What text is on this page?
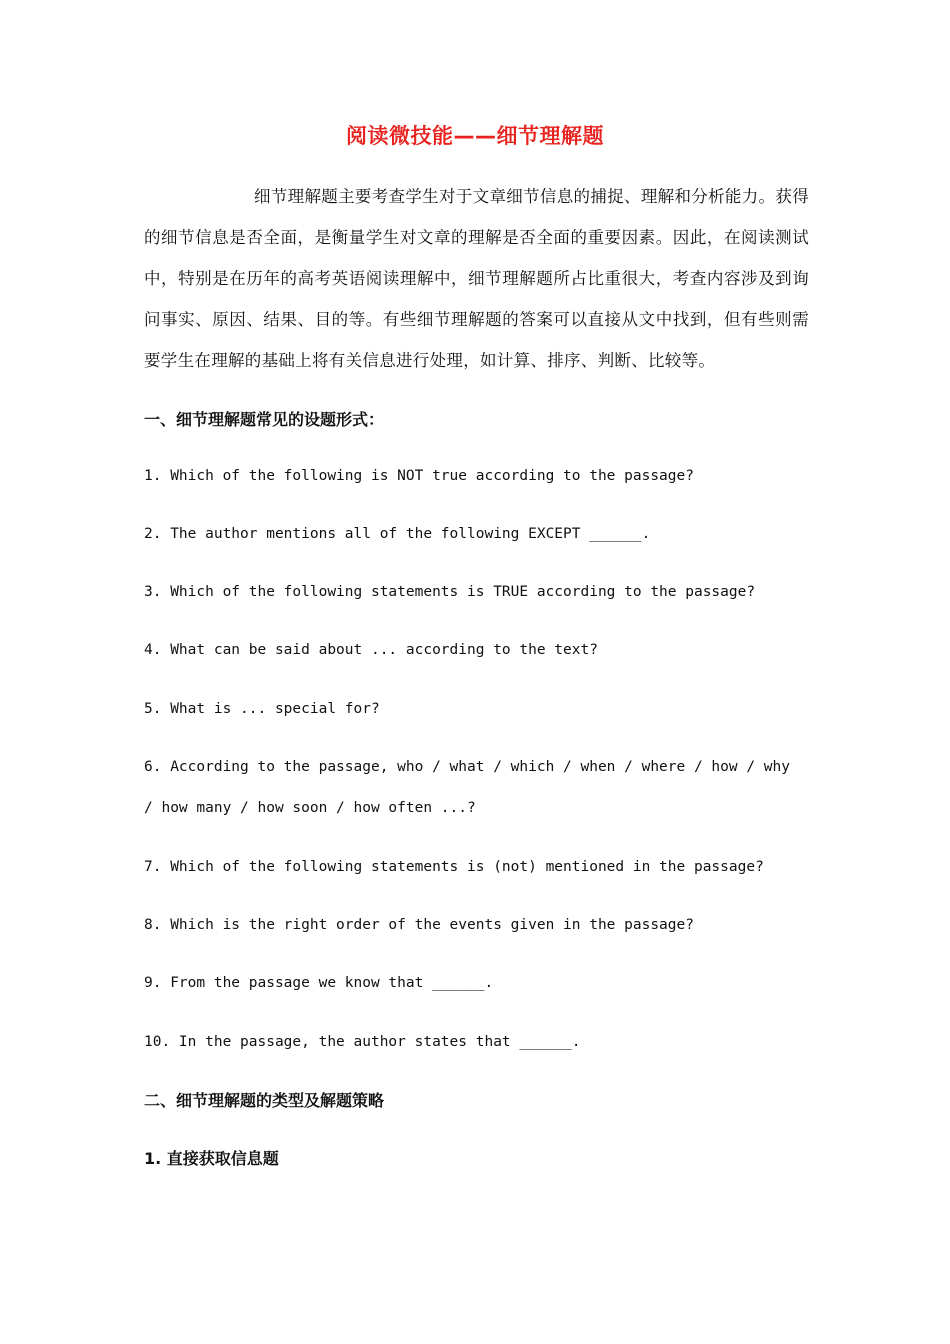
阅读微技能——细节理解题

细节理解题主要考查学生对于文章细节信息的捕捉、理解和分析能力。获得的细节信息是否全面，是衡量学生对文章的理解是否全面的重要因素。因此，在阅读测试中，特别是在历年的高考英语阅读理解中，细节理解题所占比重很大，考查内容涉及到询问事实、原因、结果、目的等。有些细节理解题的答案可以直接从文中找到，但有些则需要学生在理解的基础上将有关信息进行处理，如计算、排序、判断、比较等。

一、细节理解题常见的设题形式：

1. Which of the following is NOT true according to the passage?

2. The author mentions all of the following EXCEPT ______.

3. Which of the following statements is TRUE according to the passage?

4. What can be said about ... according to the text?

5. What is ... special for?

6. According to the passage, who / what / which / when / where / how / why / how many / how soon / how often ...?

7. Which of the following statements is (not) mentioned in the passage?

8. Which is the right order of the events given in the passage?

9. From the passage we know that ______.

10. In the passage, the author states that ______.

二、细节理解题的类型及解题策略

1. 直接获取信息题
